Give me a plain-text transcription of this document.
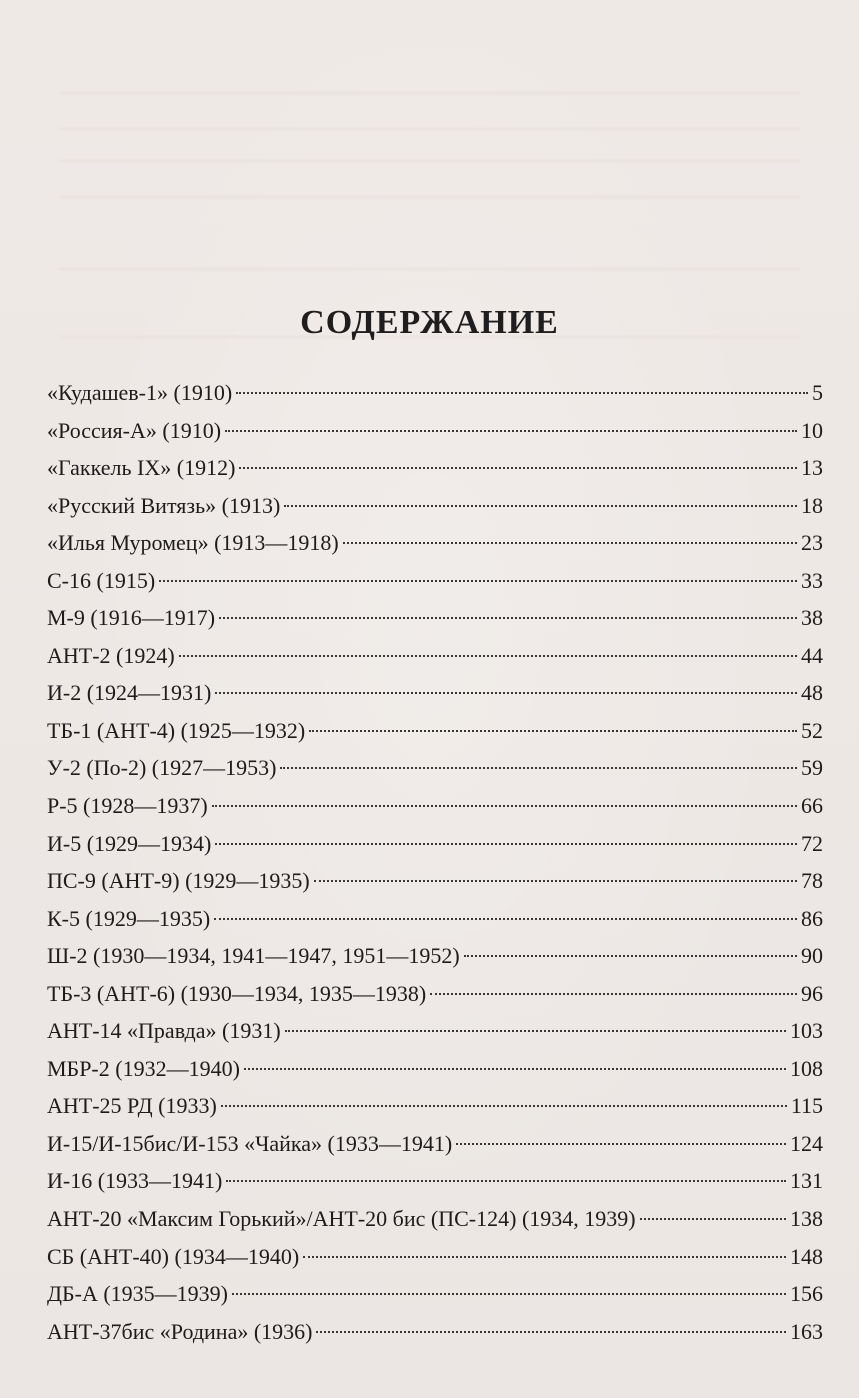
СОДЕРЖАНИЕ
«Кудашев-1» (1910)	5
«Россия-А» (1910)	10
«Гаккель IX» (1912)	13
«Русский Витязь» (1913)	18
«Илья Муромец» (1913—1918)	23
С-16 (1915)	33
М-9 (1916—1917)	38
АНТ-2 (1924)	44
И-2 (1924—1931)	48
ТБ-1 (АНТ-4) (1925—1932)	52
У-2 (По-2) (1927—1953)	59
Р-5 (1928—1937)	66
И-5 (1929—1934)	72
ПС-9 (АНТ-9) (1929—1935)	78
К-5 (1929—1935)	86
Ш-2 (1930—1934, 1941—1947, 1951—1952)	90
ТБ-3 (АНТ-6) (1930—1934, 1935—1938)	96
АНТ-14 «Правда» (1931)	103
МБР-2 (1932—1940)	108
АНТ-25 РД (1933)	115
И-15/И-15бис/И-153 «Чайка» (1933—1941)	124
И-16 (1933—1941)	131
АНТ-20 «Максим Горький»/АНТ-20 бис (ПС-124) (1934, 1939)	138
СБ (АНТ-40) (1934—1940)	148
ДБ-А (1935—1939)	156
АНТ-37бис «Родина» (1936)	163
